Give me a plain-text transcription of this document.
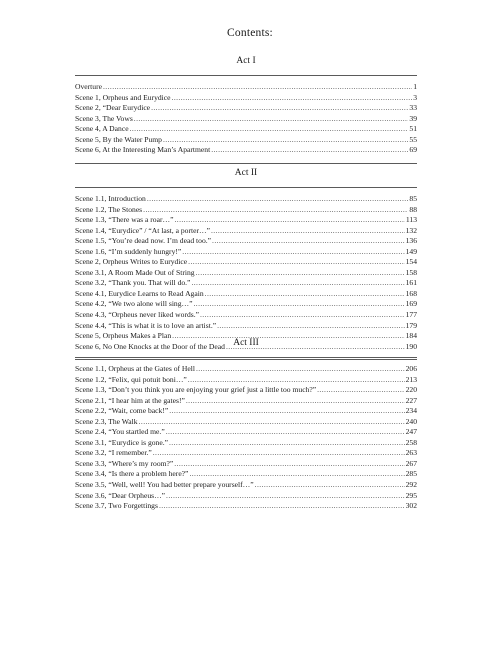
Contents:
Act I
Overture .....	1
Scene 1, Orpheus and Eurydice .....	3
Scene 2, “Dear Eurydice .....	33
Scene 3, The Vows .....	39
Scene 4, A Dance .....	51
Scene 5, By the Water Pump .....	55
Scene 6, At the Interesting Man’s Apartment .....	69
Act II
Scene 1.1, Introduction .....	85
Scene 1.2, The Stones .....	88
Scene 1.3, “There was a roar…” .....	113
Scene 1.4, “Eurydice” / “At last, a porter…” .....	132
Scene 1.5, “You’re dead now. I’m dead too.” .....	136
Scene 1.6, “I’m suddenly hungry!” .....	149
Scene 2, Orpheus Writes to Eurydice .....	154
Scene 3.1, A Room Made Out of String .....	158
Scene 3.2, “Thank you. That will do.” .....	161
Scene 4.1, Eurydice Learns to Read Again .....	168
Scene 4.2, “We two alone will sing…” .....	169
Scene 4.3, “Orpheus never liked words.” .....	177
Scene 4.4, “This is what it is to love an artist.” .....	179
Scene 5, Orpheus Makes a Plan .....	184
Scene 6, No One Knocks at the Door of the Dead .....	190
Act III
Scene 1.1, Orpheus at the Gates of Hell .....	206
Scene 1.2, “Felix, qui potuit boni…” .....	213
Scene 1.3, “Don’t you think you are enjoying your grief just a little too much?” .....	220
Scene 2.1, “I hear him at the gates!” .....	227
Scene 2.2, “Wait, come back!” .....	234
Scene 2.3, The Walk .....	240
Scene 2.4, “You startled me.” .....	247
Scene 3.1, “Eurydice is gone.” .....	258
Scene 3.2, “I remember.” .....	263
Scene 3.3, “Where’s my room?” .....	267
Scene 3.4, “Is there a problem here?” .....	285
Scene 3.5, “Well, well! You had better prepare yourself…” .....	292
Scene 3.6, “Dear Orpheus…” .....	295
Scene 3.7, Two Forgettings .....	302
